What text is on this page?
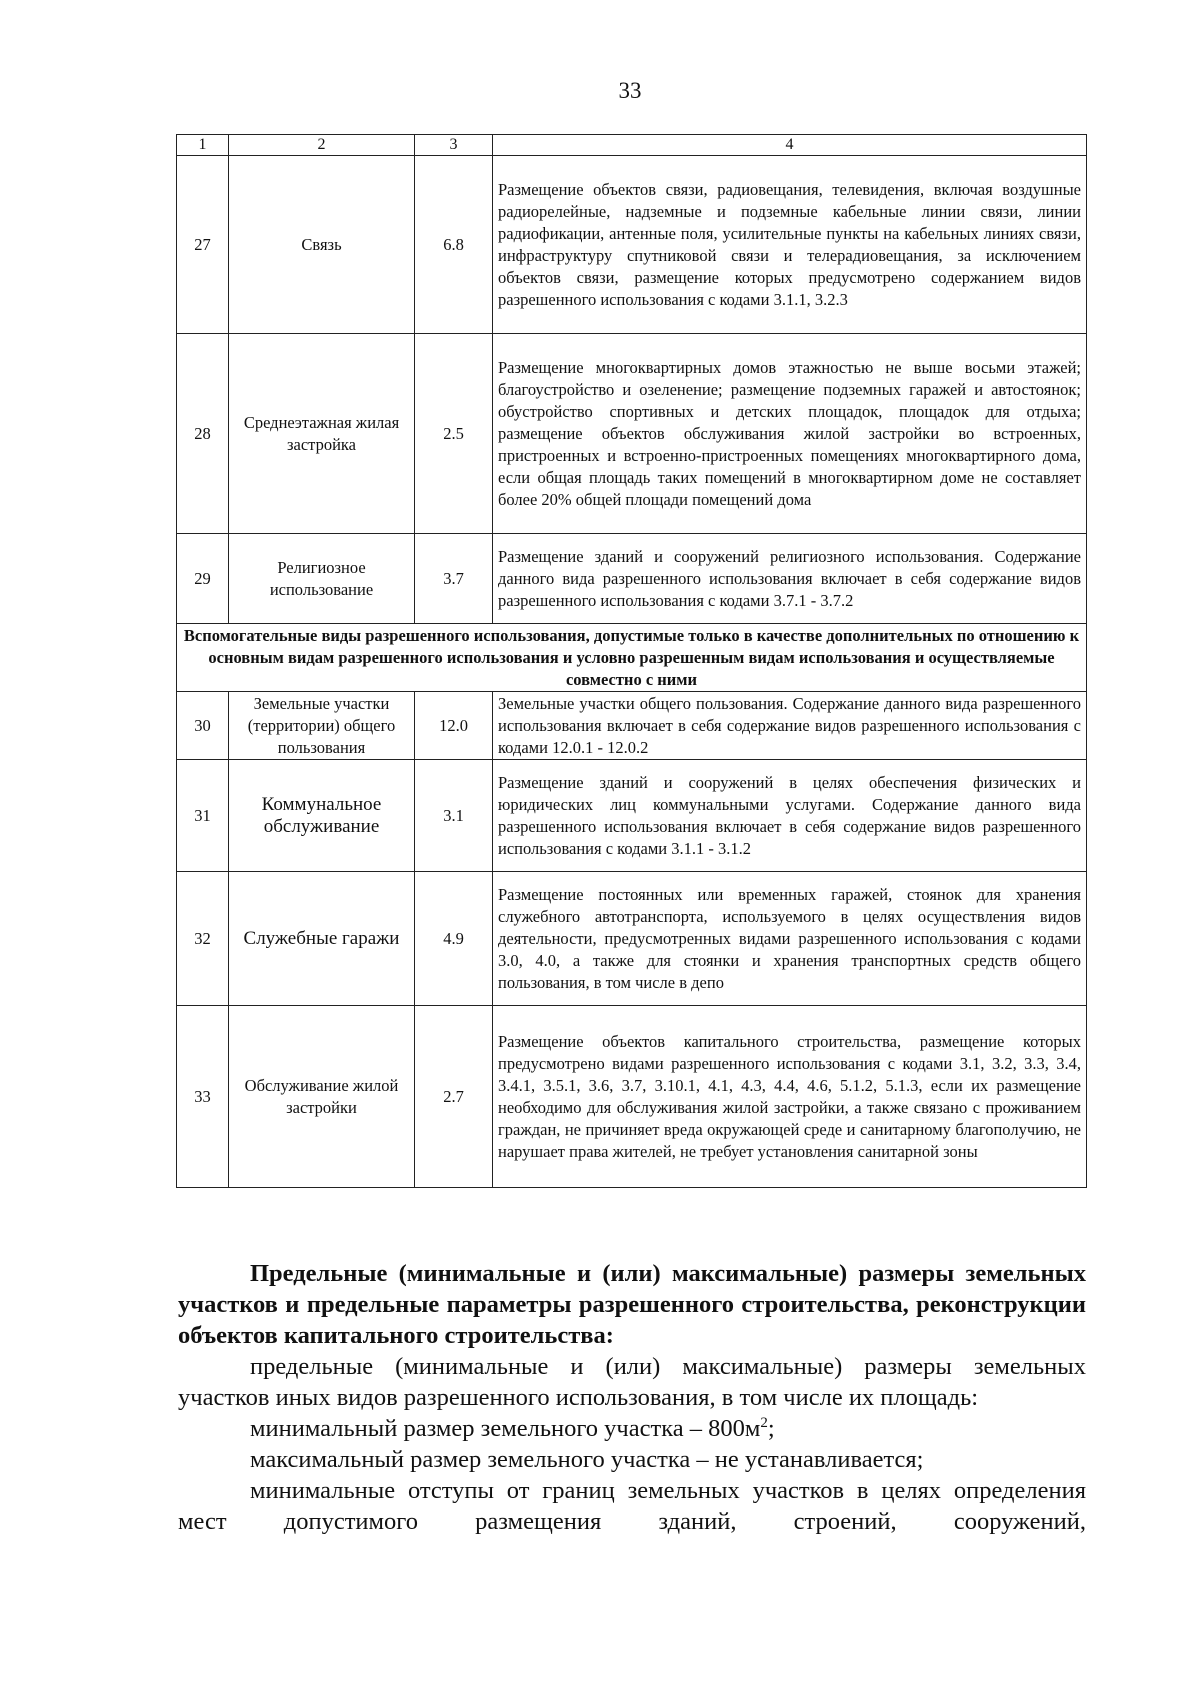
33
1	2	3	4
27	Связь	6.8	Размещение объектов связи, радиовещания, телевидения, включая воздушные радиорелейные, надземные и подземные кабельные линии связи, линии радиофикации, антенные поля, усилительные пункты на кабельных линиях связи, инфраструктуру спутниковой связи и телерадиовещания, за исключением объектов связи, размещение которых предусмотрено содержанием видов разрешенного использования с кодами 3.1.1, 3.2.3
28	Среднеэтажная жилая застройка	2.5	Размещение многоквартирных домов этажностью не выше восьми этажей; благоустройство и озеленение; размещение подземных гаражей и автостоянок; обустройство спортивных и детских площадок, площадок для отдыха; размещение объектов обслуживания жилой застройки во встроенных, пристроенных и встроенно-пристроенных помещениях многоквартирного дома, если общая площадь таких помещений в многоквартирном доме не составляет более 20% общей площади помещений дома
29	Религиозное использование	3.7	Размещение зданий и сооружений религиозного использования. Содержание данного вида разрешенного использования включает в себя содержание видов разрешенного использования с кодами 3.7.1 - 3.7.2
Вспомогательные виды разрешенного использования, допустимые только в качестве дополнительных по отношению к основным видам разрешенного использования и условно разрешенным видам использования и осуществляемые совместно с ними			
30	Земельные участки (территории) общего пользования	12.0	Земельные участки общего пользования. Содержание данного вида разрешенного использования включает в себя содержание видов разрешенного использования с кодами 12.0.1 - 12.0.2
31	Коммунальное обслуживание	3.1	Размещение зданий и сооружений в целях обеспечения физических и юридических лиц коммунальными услугами. Содержание данного вида разрешенного использования включает в себя содержание видов разрешенного использования с кодами 3.1.1 - 3.1.2
32	Служебные гаражи	4.9	Размещение постоянных или временных гаражей, стоянок для хранения служебного автотранспорта, используемого в целях осуществления видов деятельности, предусмотренных видами разрешенного использования с кодами 3.0, 4.0, а также для стоянки и хранения транспортных средств общего пользования, в том числе в депо
33	Обслуживание жилой застройки	2.7	Размещение объектов капитального строительства, размещение которых предусмотрено видами разрешенного использования с кодами 3.1, 3.2, 3.3, 3.4, 3.4.1, 3.5.1, 3.6, 3.7, 3.10.1, 4.1, 4.3, 4.4, 4.6, 5.1.2, 5.1.3, если их размещение необходимо для обслуживания жилой застройки, а также связано с проживанием граждан, не причиняет вреда окружающей среде и санитарному благополучию, не нарушает права жителей, не требует установления санитарной зоны

Предельные (минимальные и (или) максимальные) размеры земельных участков и предельные параметры разрешенного строительства, реконструкции объектов капитального строительства:

предельные (минимальные и (или) максимальные) размеры земельных участков иных видов разрешенного использования, в том числе их площадь:

минимальный размер земельного участка – $800м^2$;

максимальный размер земельного участка – не устанавливается;

минимальные отступы от границ земельных участков в целях определения мест допустимого размещения зданий, строений, сооружений,
